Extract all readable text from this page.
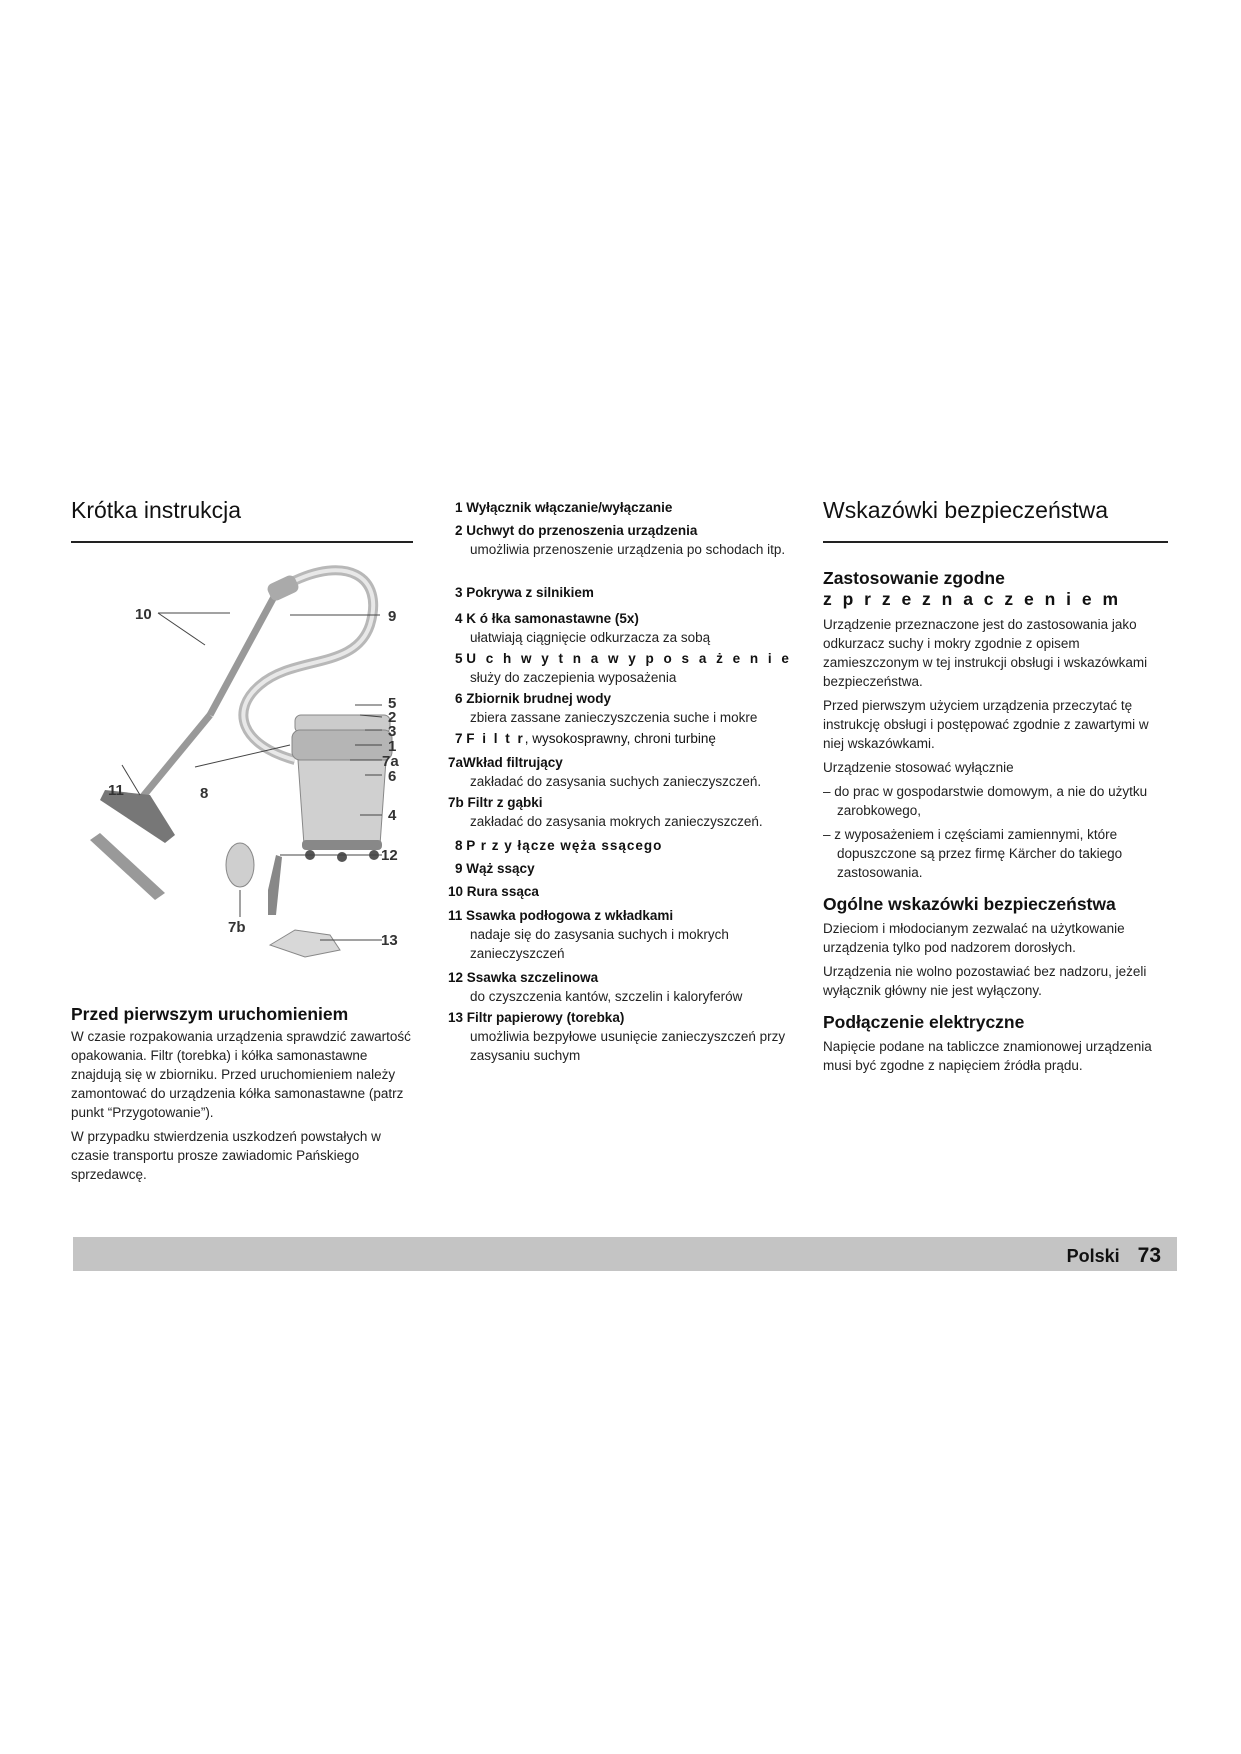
Krótka instrukcja
10	9
5
2
3
1
7a
6
4
12
13
11	8
7b
Przed pierwszym uruchomieniem

W czasie rozpakowania urządzenia sprawdzić zawartość opakowania. Filtr (torebka) i kółka samonastawne znajdują się w zbiorniku. Przed uruchomieniem należy zamontować do urządzenia kółka samonastawne (patrz punkt “Przygotowanie”).

W przypadku stwierdzenia uszkodzeń powstałych w czasie transportu prosze zawiadomic Pańskiego sprzedawcę.

1 Wyłącznik włączanie/wyłączanie
2 Uchwyt do przenoszenia urządzenia
umożliwia przenoszenie urządzenia po schodach itp.
3 Pokrywa z silnikiem
4 K ó łka samonastawne (5x)
ułatwiają ciągnięcie odkurzacza za sobą
5 U c h w y t n a w y p o s a ż e n i e
służy do zaczepienia wyposażenia
6 Zbiornik brudnej wody
zbiera zassane zanieczyszczenia suche i mokre
7 F i l t r, wysokosprawny, chroni turbinę
7aWkład filtrujący
zakładać do zasysania suchych zanieczyszczeń.
7b Filtr z gąbki
zakładać do zasysania mokrych zanieczyszczeń.
8 P r z y łącze węża ssącego
9 Wąż ssący
10 Rura ssąca
11 Ssawka podłogowa z wkładkami
nadaje się do zasysania suchych i mokrych zanieczyszczeń
12 Ssawka szczelinowa
do czyszczenia kantów, szczelin i kaloryferów
13 Filtr papierowy (torebka)
umożliwia bezpyłowe usunięcie zanieczyszczeń przy zasysaniu suchym
Wskazówki bezpieczeństwa
Zastosowanie zgodne
z p r z e z n a c z e n i e m

Urządzenie przeznaczone jest do zastosowania jako odkurzacz suchy i mokry zgodnie z opisem zamieszczonym w tej instrukcji obsługi i wskazówkami bezpieczeństwa.

Przed pierwszym użyciem urządzenia przeczytać tę instrukcję obsługi i postępować zgodnie z zawartymi w niej wskazówkami.

Urządzenie stosować wyłącznie

– do prac w gospodarstwie domowym, a nie do użytku zarobkowego,
– z wyposażeniem i częściami zamiennymi, które dopuszczone są przez firmę Kärcher do takiego zastosowania.
Ogólne wskazówki bezpieczeństwa

Dzieciom i młodocianym zezwalać na użytkowanie urządzenia tylko pod nadzorem dorosłych.

Urządzenia nie wolno pozostawiać bez nadzoru, jeżeli wyłącznik główny nie jest wyłączony.

Podłączenie elektryczne

Napięcie podane na tabliczce znamionowej urządzenia musi być zgodne z napięciem źródła prądu.

Polski 73
